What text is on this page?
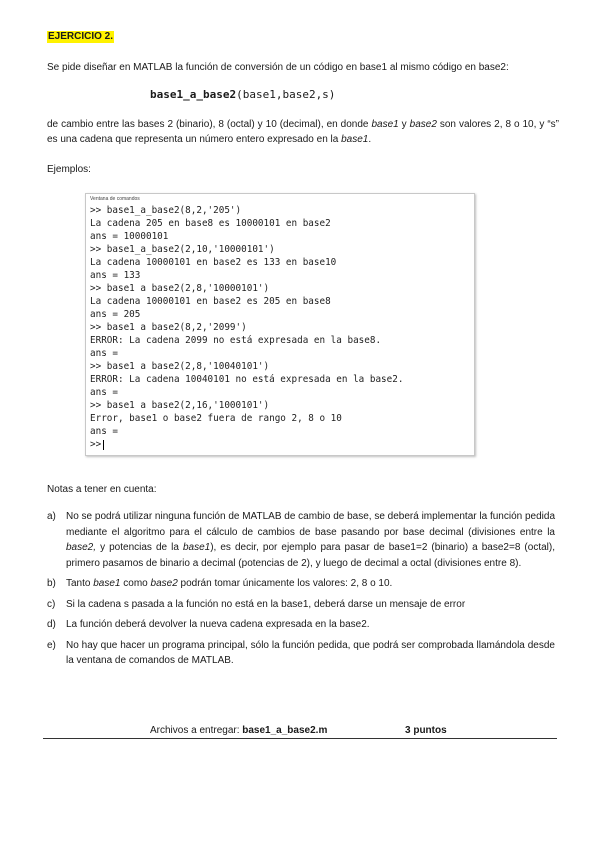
EJERCICIO 2.
Se pide diseñar en MATLAB la función de conversión de un código en base1 al mismo código en base2:
base1_a_base2(base1,base2,s)
de cambio entre las bases 2 (binario), 8 (octal) y 10 (decimal), en donde base1 y base2 son valores 2, 8 o 10, y “s” es una cadena que representa un número entero expresado en la base1.
Ejemplos:
Ventana de comandos
>> base1_a_base2(8,2,'205')
La cadena 205 en base8 es 10000101 en base2
ans = 10000101
>> base1_a_base2(2,10,'10000101')
La cadena 10000101 en base2 es 133 en base10
ans = 133
>> base1 a base2(2,8,'10000101')
La cadena 10000101 en base2 es 205 en base8
ans = 205
>> base1 a base2(8,2,'2099')
ERROR: La cadena 2099 no está expresada en la base8.
ans =
>> base1 a base2(2,8,'10040101')
ERROR: La cadena 10040101 no está expresada en la base2.
ans =
>> base1 a base2(2,16,'1000101')
Error, base1 o base2 fuera de rango 2, 8 o 10
ans =
>>
Notas a tener en cuenta:
a) No se podrá utilizar ninguna función de MATLAB de cambio de base, se deberá implementar la función pedida mediante el algoritmo para el cálculo de cambios de base pasando por base decimal (divisiones entre la base2, y potencias de la base1), es decir, por ejemplo para pasar de base1=2 (binario) a base2=8 (octal), primero pasamos de binario a decimal (potencias de 2), y luego de decimal a octal (divisiones entre 8).
b) Tanto base1 como base2 podrán tomar únicamente los valores: 2, 8 o 10.
c) Si la cadena s pasada a la función no está en la base1, deberá darse un mensaje de error
d) La función deberá devolver la nueva cadena expresada en la base2.
e) No hay que hacer un programa principal, sólo la función pedida, que podrá ser comprobada llamándola desde la ventana de comandos de MATLAB.
Archivos a entregar: base1_a_base2.m	3 puntos
